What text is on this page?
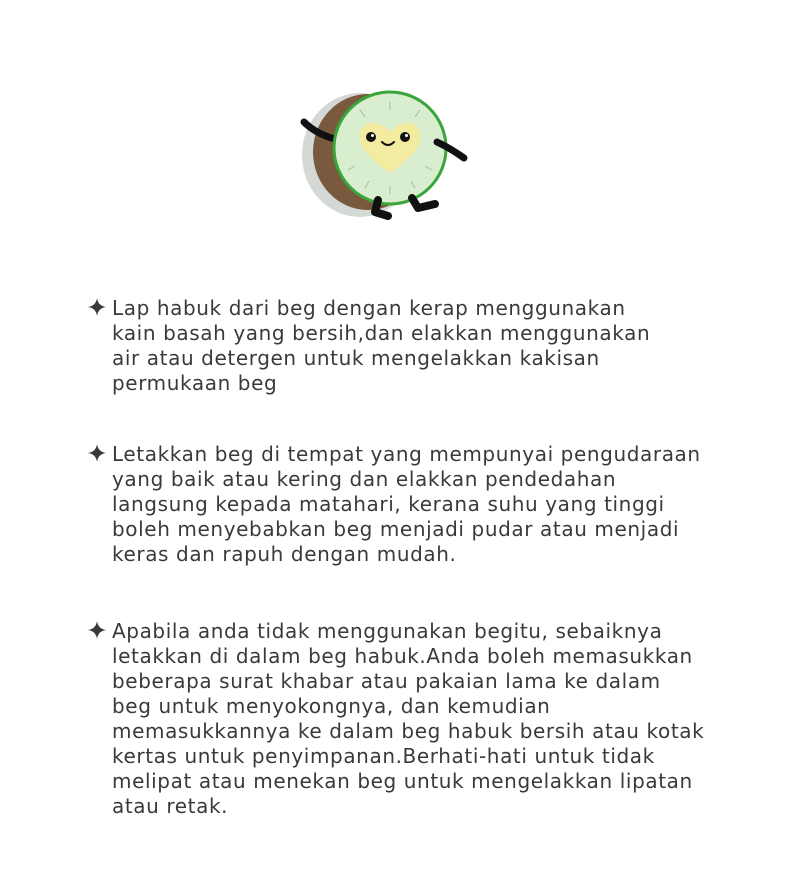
Lap habuk dari beg dengan kerap menggunakan
kain basah yang bersih,dan elakkan menggunakan
air atau detergen untuk mengelakkan kakisan
permukaan beg

Letakkan beg di tempat yang mempunyai pengudaraan
yang baik atau kering dan elakkan pendedahan
langsung kepada matahari, kerana suhu yang tinggi
boleh menyebabkan beg menjadi pudar atau menjadi
keras dan rapuh dengan mudah.

Apabila anda tidak menggunakan begitu, sebaiknya
letakkan di dalam beg habuk.Anda boleh memasukkan
beberapa surat khabar atau pakaian lama ke dalam
beg untuk menyokongnya, dan kemudian
memasukkannya ke dalam beg habuk bersih atau kotak
kertas untuk penyimpanan.Berhati-hati untuk tidak
melipat atau menekan beg untuk mengelakkan lipatan
atau retak.
